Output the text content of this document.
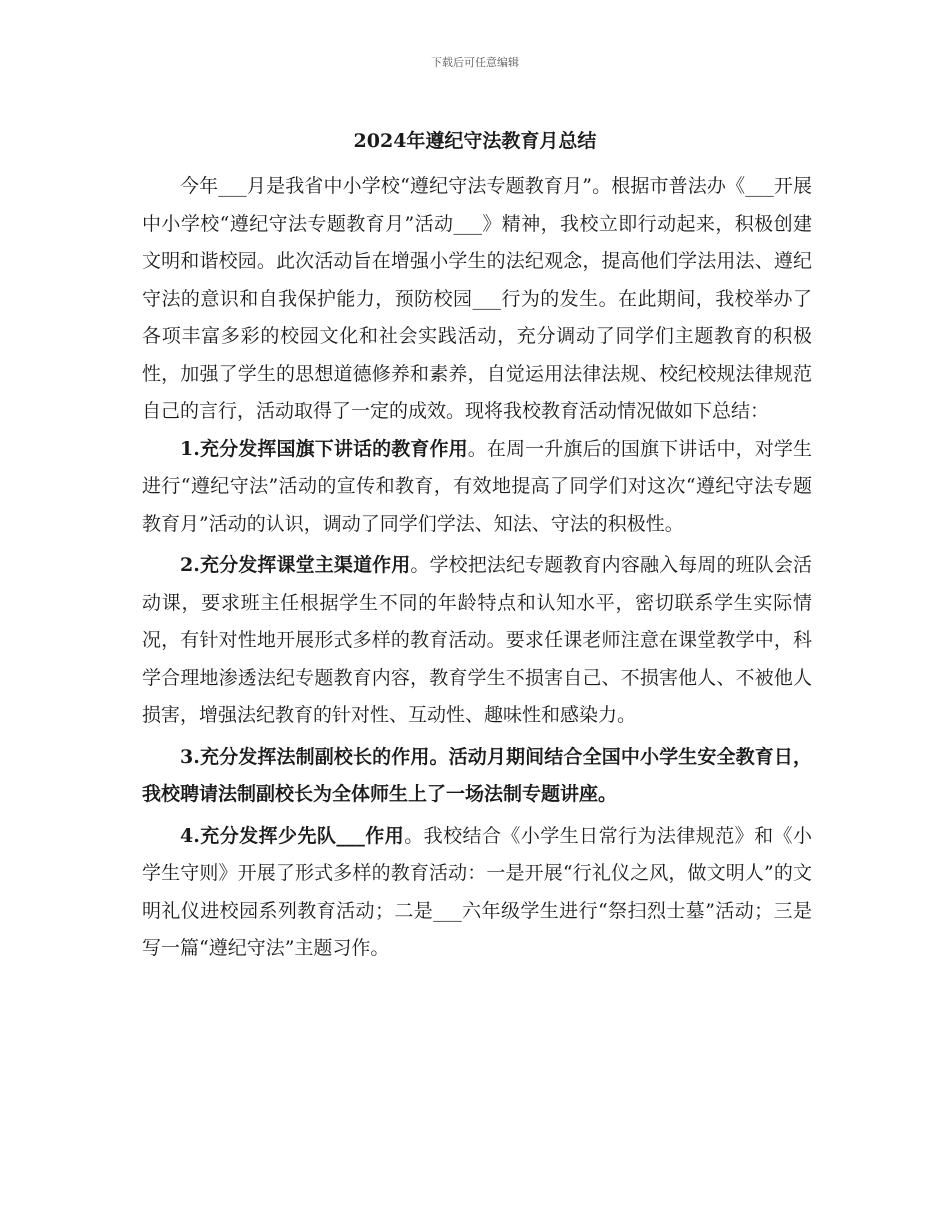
下载后可任意编辑
2024年遵纪守法教育月总结

今年___月是我省中小学校“遵纪守法专题教育月”。根据市普法办《___开展中小学校“遵纪守法专题教育月”活动___》精神，我校立即行动起来，积极创建文明和谐校园。此次活动旨在增强小学生的法纪观念，提高他们学法用法、遵纪守法的意识和自我保护能力，预防校园___行为的发生。在此期间，我校举办了各项丰富多彩的校园文化和社会实践活动，充分调动了同学们主题教育的积极性，加强了学生的思想道德修养和素养，自觉运用法律法规、校纪校规法律规范自己的言行，活动取得了一定的成效。现将我校教育活动情况做如下总结：

1.充分发挥国旗下讲话的教育作用。在周一升旗后的国旗下讲话中，对学生进行“遵纪守法”活动的宣传和教育，有效地提高了同学们对这次“遵纪守法专题教育月”活动的认识，调动了同学们学法、知法、守法的积极性。

2.充分发挥课堂主渠道作用。学校把法纪专题教育内容融入每周的班队会活动课，要求班主任根据学生不同的年龄特点和认知水平，密切联系学生实际情况，有针对性地开展形式多样的教育活动。要求任课老师注意在课堂教学中，科学合理地渗透法纪专题教育内容，教育学生不损害自己、不损害他人、不被他人损害，增强法纪教育的针对性、互动性、趣味性和感染力。

3.充分发挥法制副校长的作用。活动月期间结合全国中小学生安全教育日，我校聘请法制副校长为全体师生上了一场法制专题讲座。

4.充分发挥少先队___作用。我校结合《小学生日常行为法律规范》和《小学生守则》开展了形式多样的教育活动：一是开展“行礼仪之风，做文明人”的文明礼仪进校园系列教育活动；二是___六年级学生进行“祭扫烈士墓”活动；三是写一篇“遵纪守法”主题习作。
